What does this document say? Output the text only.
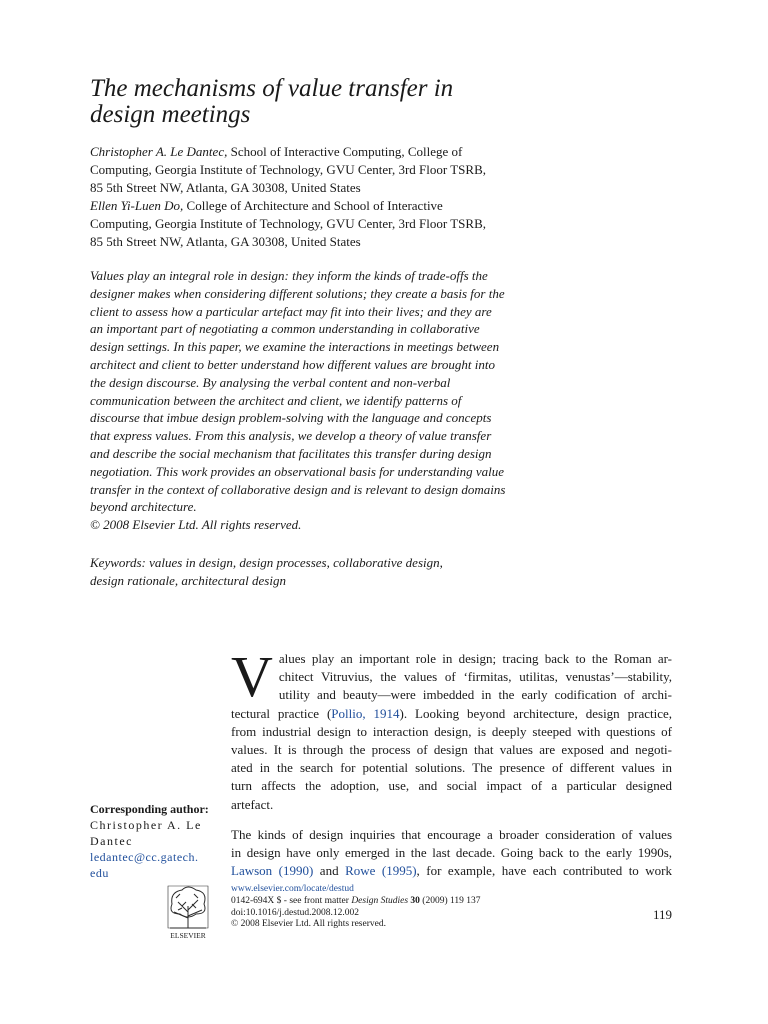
The mechanisms of value transfer in
design meetings
Christopher A. Le Dantec, School of Interactive Computing, College of
Computing, Georgia Institute of Technology, GVU Center, 3rd Floor TSRB,
85 5th Street NW, Atlanta, GA 30308, United States
Ellen Yi-Luen Do, College of Architecture and School of Interactive
Computing, Georgia Institute of Technology, GVU Center, 3rd Floor TSRB,
85 5th Street NW, Atlanta, GA 30308, United States
Values play an integral role in design: they inform the kinds of trade-offs the
designer makes when considering different solutions; they create a basis for the
client to assess how a particular artefact may fit into their lives; and they are
an important part of negotiating a common understanding in collaborative
design settings. In this paper, we examine the interactions in meetings between
architect and client to better understand how different values are brought into
the design discourse. By analysing the verbal content and non-verbal
communication between the architect and client, we identify patterns of
discourse that imbue design problem-solving with the language and concepts
that express values. From this analysis, we develop a theory of value transfer
and describe the social mechanism that facilitates this transfer during design
negotiation. This work provides an observational basis for understanding value
transfer in the context of collaborative design and is relevant to design domains
beyond architecture.
© 2008 Elsevier Ltd. All rights reserved.
Keywords: values in design, design processes, collaborative design,
design rationale, architectural design
V alues play an important role in design; tracing back to the Roman ar-
chitect Vitruvius, the values of ‘firmitas, utilitas, venustas’—stability,
utility and beauty—were imbedded in the early codification of archi-
tectural practice (Pollio, 1914). Looking beyond architecture, design practice,
from industrial design to interaction design, is deeply steeped with questions of
values. It is through the process of design that values are exposed and negoti-
ated in the search for potential solutions. The presence of different values in
turn affects the adoption, use, and social impact of a particular designed
artefact.
The kinds of design inquiries that encourage a broader consideration of values
in design have only emerged in the last decade. Going back to the early 1990s,
Lawson (1990) and Rowe (1995), for example, have each contributed to work
Corresponding author:
Christopher A. Le
Dantec
ledantec@cc.gatech.
edu
ELSEVIER
www.elsevier.com/locate/destud
0142-694X $ - see front matter Design Studies 30 (2009) 119 137
doi:10.1016/j.destud.2008.12.002
© 2008 Elsevier Ltd. All rights reserved.
119
